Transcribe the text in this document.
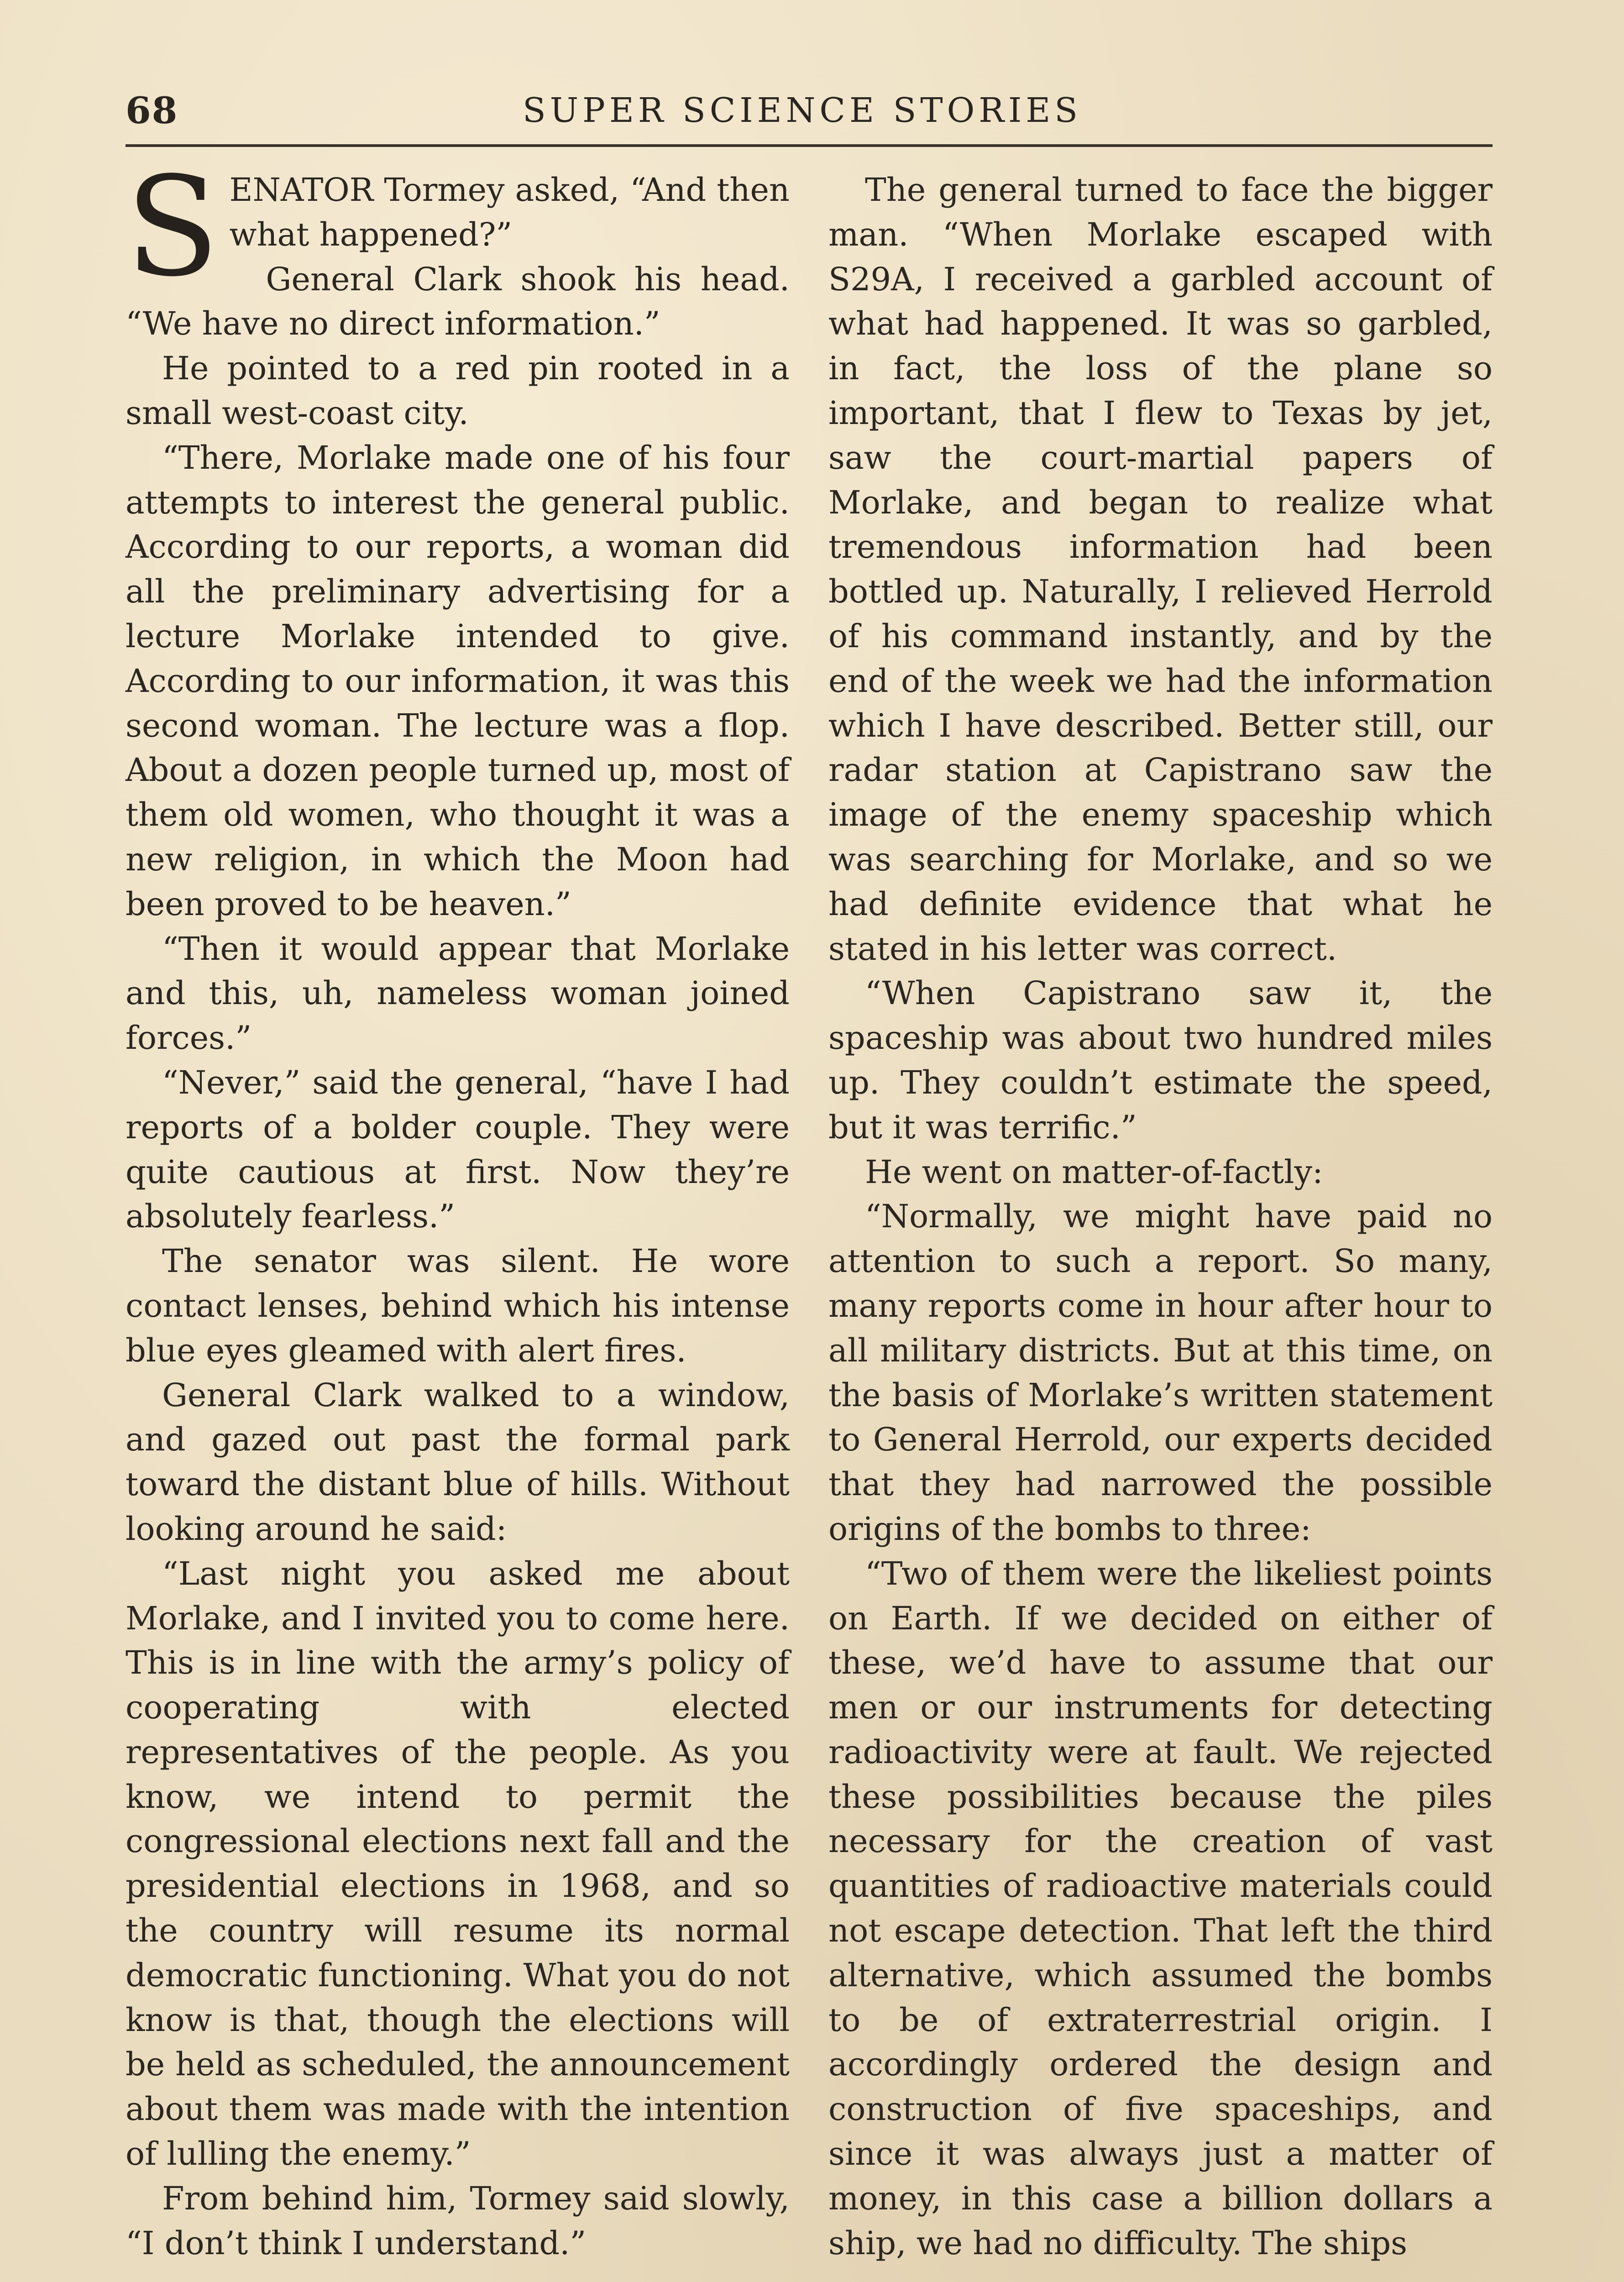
68	SUPER SCIENCE STORIES

SENATOR Tormey asked, “And then what happened?”

General Clark shook his head. “We have no direct information.”

He pointed to a red pin rooted in a small west-coast city.

“There, Morlake made one of his four attempts to interest the general public. According to our reports, a woman did all the preliminary advertising for a lecture Morlake intended to give. According to our information, it was this second woman. The lecture was a flop. About a dozen people turned up, most of them old women, who thought it was a new religion, in which the Moon had been proved to be heaven.”

“Then it would appear that Morlake and this, uh, nameless woman joined forces.”

“Never,” said the general, “have I had reports of a bolder couple. They were quite cautious at first. Now they’re absolutely fearless.”

The senator was silent. He wore contact lenses, behind which his intense blue eyes gleamed with alert fires.

General Clark walked to a window, and gazed out past the formal park toward the distant blue of hills. Without looking around he said:

“Last night you asked me about Morlake, and I invited you to come here. This is in line with the army’s policy of cooperating with elected representatives of the people. As you know, we intend to permit the congressional elections next fall and the presidential elections in 1968, and so the country will resume its normal democratic functioning. What you do not know is that, though the elections will be held as scheduled, the announcement about them was made with the intention of lulling the enemy.”

From behind him, Tormey said slowly, “I don’t think I understand.”

The general turned to face the bigger man. “When Morlake escaped with S29A, I received a garbled account of what had happened. It was so garbled, in fact, the loss of the plane so important, that I flew to Texas by jet, saw the court-martial papers of Morlake, and began to realize what tremendous information had been bottled up. Naturally, I relieved Herrold of his command instantly, and by the end of the week we had the information which I have described. Better still, our radar station at Capistrano saw the image of the enemy spaceship which was searching for Morlake, and so we had definite evidence that what he stated in his letter was correct.

“When Capistrano saw it, the spaceship was about two hundred miles up. They couldn’t estimate the speed, but it was terrific.”

He went on matter-of-factly:

“Normally, we might have paid no attention to such a report. So many, many reports come in hour after hour to all military districts. But at this time, on the basis of Morlake’s written statement to General Herrold, our experts decided that they had narrowed the possible origins of the bombs to three:

“Two of them were the likeliest points on Earth. If we decided on either of these, we’d have to assume that our men or our instruments for detecting radioactivity were at fault. We rejected these possibilities because the piles necessary for the creation of vast quantities of radioactive materials could not escape detection. That left the third alternative, which assumed the bombs to be of extraterrestrial origin. I accordingly ordered the design and construction of five spaceships, and since it was always just a matter of money, in this case a billion dollars a ship, we had no difficulty. The ships
